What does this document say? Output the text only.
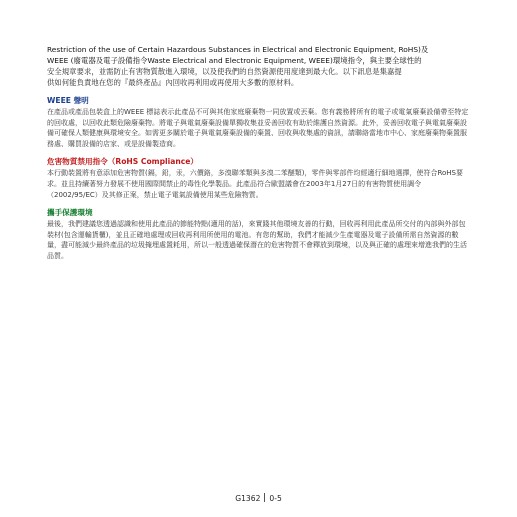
Restriction of the use of Certain Hazardous Substances in Electrical and Electronic Equipment, RoHS)及
WEEE (廢電器及電子設備指令Waste Electrical and Electronic Equipment, WEEE)環境指令，與主要全球性的
安全規章要求，並需防止有害物質散進入環境，以及使我們的自然資源使用度達到最大化。以下訊息是集嘉提
供如何能負責地在您的『最終產品』內回收再利用或再使用大多數的原材料。
WEEE 聲明
在產品或產品包裝盒上的WEEE 標誌表示此產品不可與其他家庭廢棄物一同放置或丟棄。您有義務將所有的電子或電氣廢棄設備帶至特定的回收處，以回收此類危險廢棄物。將電子與電氣廢棄設備單獨收集並妥善回收有助於維護自然資源。此外，妥善回收電子與電氣廢棄設備可確保人類健康與環境安全。如需更多關於電子與電氣廢棄設備的棄置、回收與收集處的資訊，請聯絡當地市中心、家庭廢棄物棄置服務處、購買設備的店家、或是設備製造商。
危害物質禁用指令（RoHS Compliance）
本行動裝置將有意添加危害物質(鎘，鉛，汞，六價鉻，多溴聯苯類與多溴二苯醚類)，零件與零部件均經適行細地選擇，使符合RoHS要求。並且持續著努力發展不使用國際間禁止的毒性化學製品。此產品符合歐盟議會在2003年1月27日的有害物質使用調令（2002/95/EC）及其修正案，禁止電子電氣設備使用某些危險物質。
攜手保護環境
最後，我們建議您透過認識和使用此產品的節能特點(適用的話)，來實踐其他環境友善的行動，回收再利用此產品所交付的內部與外部包裝材(包含運輸貨櫃)，並且正確地處理或回收再利用所使用的電池。有您的幫助，我們才能減少生產電器及電子設備所需自然資源的數量，盡可能減少最終產品的垃圾掩埋處置耗用，所以一般透過確保潛在的危害物質不會釋放到環境，以及與正確的處理來增進我們的生活品質。
G1362 0-5
